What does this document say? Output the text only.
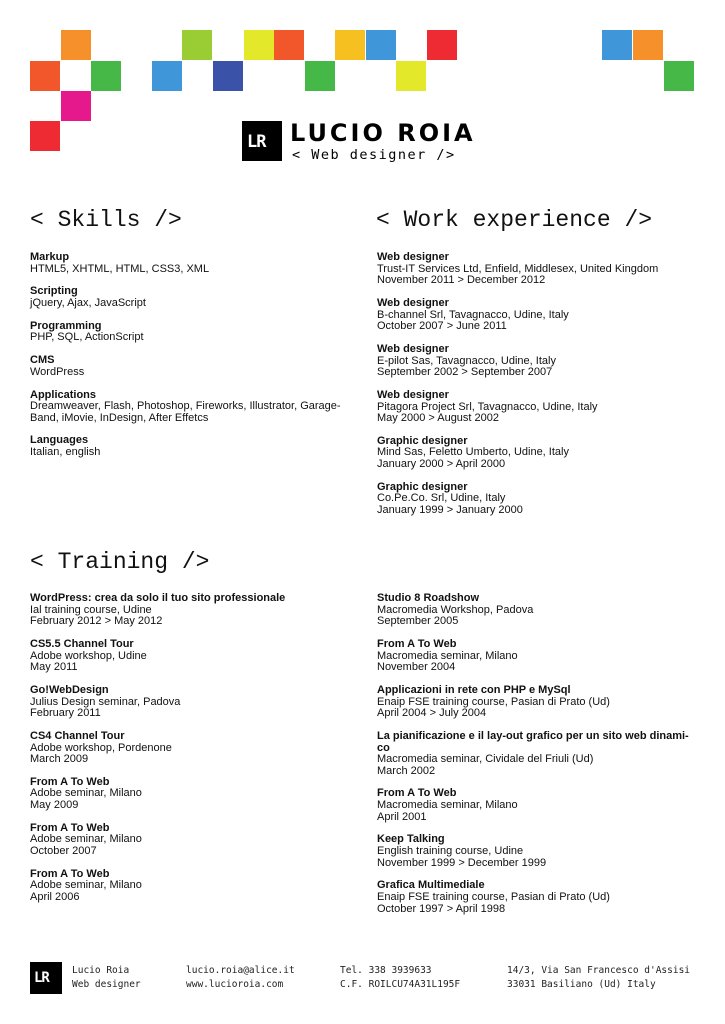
LR LUCIO ROIA
< Web designer />
< Skills />
Markup
HTML5, XHTML, HTML, CSS3, XML
Scripting
jQuery, Ajax, JavaScript
Programming
PHP, SQL, ActionScript
CMS
WordPress
Applications
Dreamweaver, Flash, Photoshop, Fireworks, Illustrator, Garage-
Band, iMovie, InDesign, After Effetcs
Languages
Italian, english
< Work experience />
Web designer
Trust-IT Services Ltd, Enfield, Middlesex, United Kingdom
November 2011 > December 2012
Web designer
B-channel Srl, Tavagnacco, Udine, Italy
October 2007 > June 2011
Web designer
E-pilot Sas, Tavagnacco, Udine, Italy
September 2002 > September 2007
Web designer
Pitagora Project Srl, Tavagnacco, Udine, Italy
May 2000 > August 2002
Graphic designer
Mind Sas, Feletto Umberto, Udine, Italy
January 2000 > April 2000
Graphic designer
Co.Pe.Co. Srl, Udine, Italy
January 1999 > January 2000
< Training />
WordPress: crea da solo il tuo sito professionale
Ial training course, Udine
February 2012 > May 2012
CS5.5 Channel Tour
Adobe workshop, Udine
May 2011
Go!WebDesign
Julius Design seminar, Padova
February 2011
CS4 Channel Tour
Adobe workshop, Pordenone
March 2009
From A To Web
Adobe seminar, Milano
May 2009
From A To Web
Adobe seminar, Milano
October 2007
From A To Web
Adobe seminar, Milano
April 2006
Studio 8 Roadshow
Macromedia Workshop, Padova
September 2005
From A To Web
Macromedia seminar, Milano
November 2004
Applicazioni in rete con PHP e MySql
Enaip FSE training course, Pasian di Prato (Ud)
April 2004 > July 2004
La pianificazione e il lay-out grafico per un sito web dinami-
co
Macromedia seminar, Cividale del Friuli (Ud)
March 2002
From A To Web
Macromedia seminar, Milano
April 2001
Keep Talking
English training course, Udine
November 1999 > December 1999
Grafica Multimediale
Enaip FSE training course, Pasian di Prato (Ud)
October 1997 > April 1998
LR Lucio Roia
Web designer
lucio.roia@alice.it
www.lucioroia.com
Tel. 338 3939633
C.F. ROILCU74A31L195F
14/3, Via San Francesco d'Assisi
33031 Basiliano (Ud) Italy
